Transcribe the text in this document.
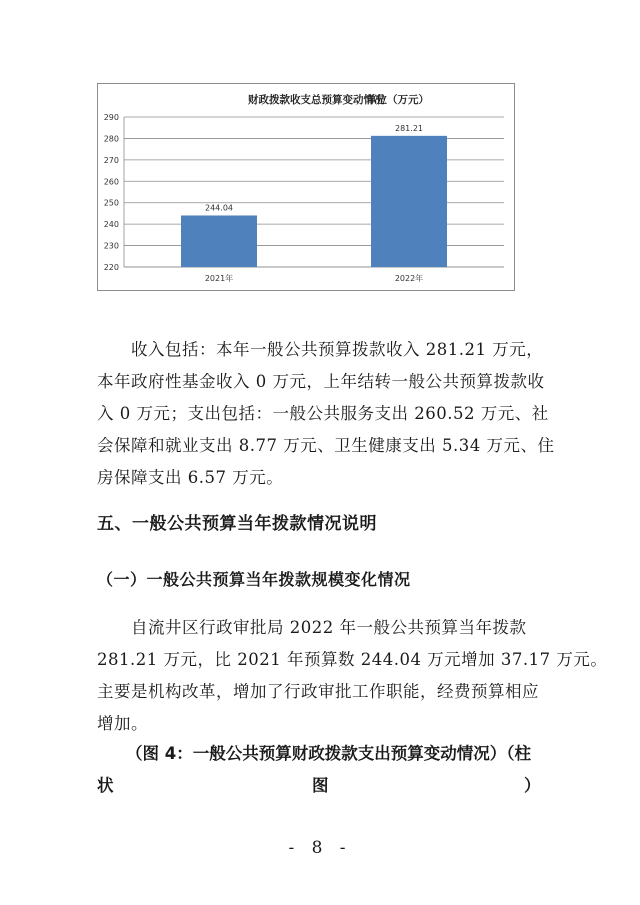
财政拨款收支总预算变动情况
单位（万元）
220
230
240
250
260
270
280
290
244.04
2021年
281.21
2022年

收入包括：本年一般公共预算拨款收入 281.21 万元，
本年政府性基金收入 0 万元，上年结转一般公共预算拨款收
入 0 万元；支出包括：一般公共服务支出 260.52 万元、社
会保障和就业支出 8.77 万元、卫生健康支出 5.34 万元、住
房保障支出 6.57 万元。

五、一般公共预算当年拨款情况说明
（一）一般公共预算当年拨款规模变化情况

自流井区行政审批局 2022 年一般公共预算当年拨款
281.21 万元，比 2021 年预算数 244.04 万元增加 37.17 万元。
主要是机构改革，增加了行政审批工作职能，经费预算相应
增加。

（图 4：一般公共预算财政拨款支出预算变动情况）（柱

状	图	）

- 8 -
